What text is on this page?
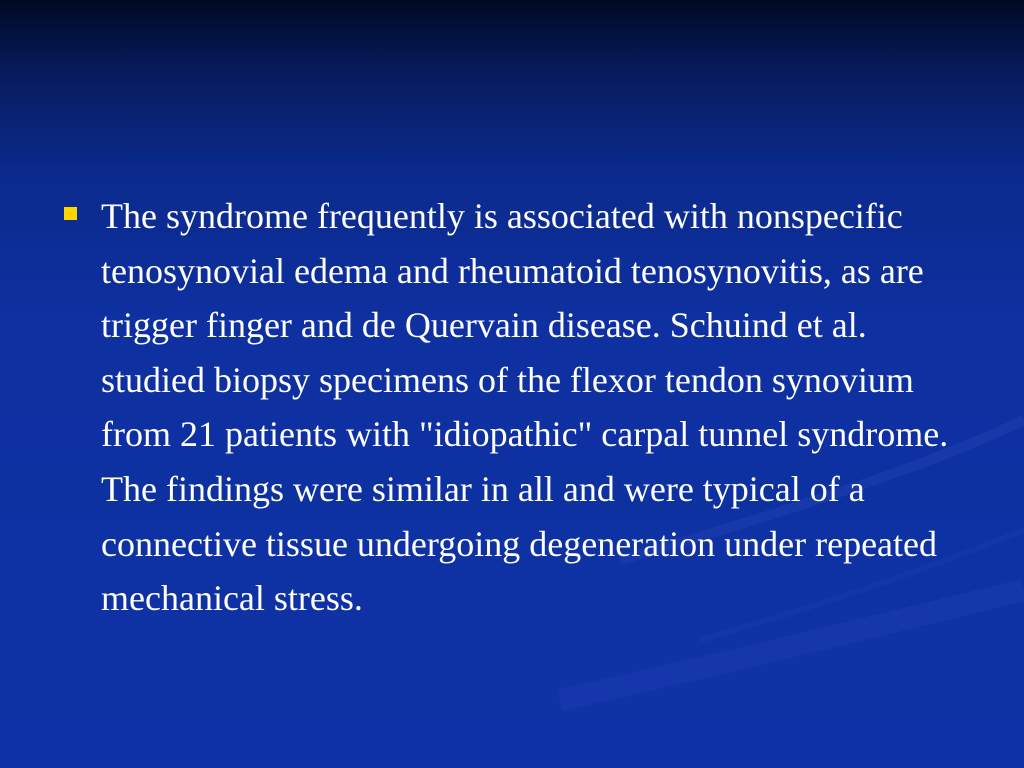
The syndrome frequently is associated with nonspecific tenosynovial edema and rheumatoid tenosynovitis, as are trigger finger and de Quervain disease. Schuind et al. studied biopsy specimens of the flexor tendon synovium from 21 patients with "idiopathic" carpal tunnel syndrome. The findings were similar in all and were typical of a connective tissue undergoing degeneration under repeated mechanical stress.
